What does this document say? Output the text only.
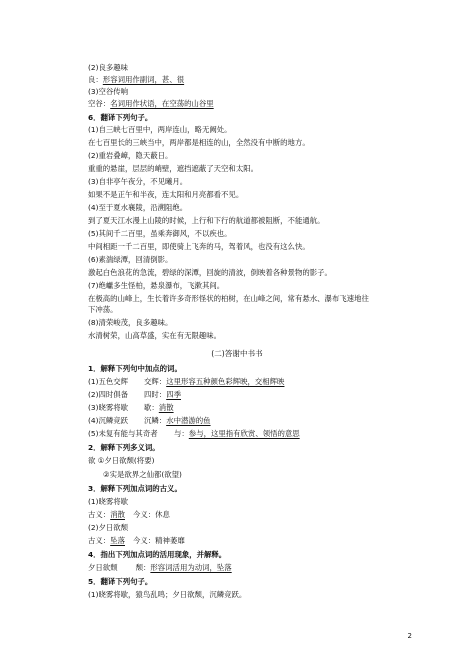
(2)良多趣味
良：形容词用作副词，甚、很
(3)空谷传响
空谷：名词用作状语，在空荡的山谷里
6．翻译下列句子。
(1)自三峡七百里中，两岸连山，略无阙处。
在七百里长的三峡当中，两岸都是相连的山，全然没有中断的地方。
(2)重岩叠嶂，隐天蔽日。
重重的悬崖，层层的峭壁，遮挡遮蔽了天空和太阳。
(3)自非亭午夜分，不见曦月。
如果不是正午和半夜，连太阳和月亮都看不见。
(4)至于夏水襄陵，沿溯阻绝。
到了夏天江水漫上山陵的时候，上行和下行的航道都被阻断，不能通航。
(5)其间千二百里，虽乘奔御风，不以疾也。
中间相距一千二百里，即使骑上飞奔的马，驾着风，也没有这么快。
(6)素湍绿潭，回清倒影。
激起白色浪花的急流，碧绿的深潭，回旋的清波，倒映着各种景物的影子。
(7)绝巘多生怪柏，悬泉瀑布，飞漱其间。
在极高的山峰上，生长着许多奇形怪状的柏树，在山峰之间，常有悬水、瀑布飞速地往
下冲荡。
(8)清荣峻茂，良多趣味。
水清树荣，山高草盛，实在有无限趣味。
(二)答谢中书书
1．解释下列句中加点的词。
(1)五色交辉 交辉：这里形容五种颜色彩辉映，交相辉映
(2)四时俱备 四时：四季
(3)晓雾将歇 歇：消散
(4)沉鳞竞跃 沉鳞：水中潜游的鱼
(5)未复有能与其奇者 与：参与，这里指有欣赏、领悟的意思
2．解释下列多义词。
欲 ①夕日欲颓(将要)
②实是欲界之仙都(欲望)
3．解释下列加点词的古义。
(1)晓雾将歇
古义：消散 今义：休息
(2)夕日欲颓
古义：坠落 今义：精神萎靡
4．指出下列加点词的活用现象，并解释。
夕日欲颓 颓：形容词活用为动词，坠落
5．翻译下列句子。
(1)晓雾将歇，猿鸟乱鸣；夕日欲颓，沉鳞竞跃。
2
